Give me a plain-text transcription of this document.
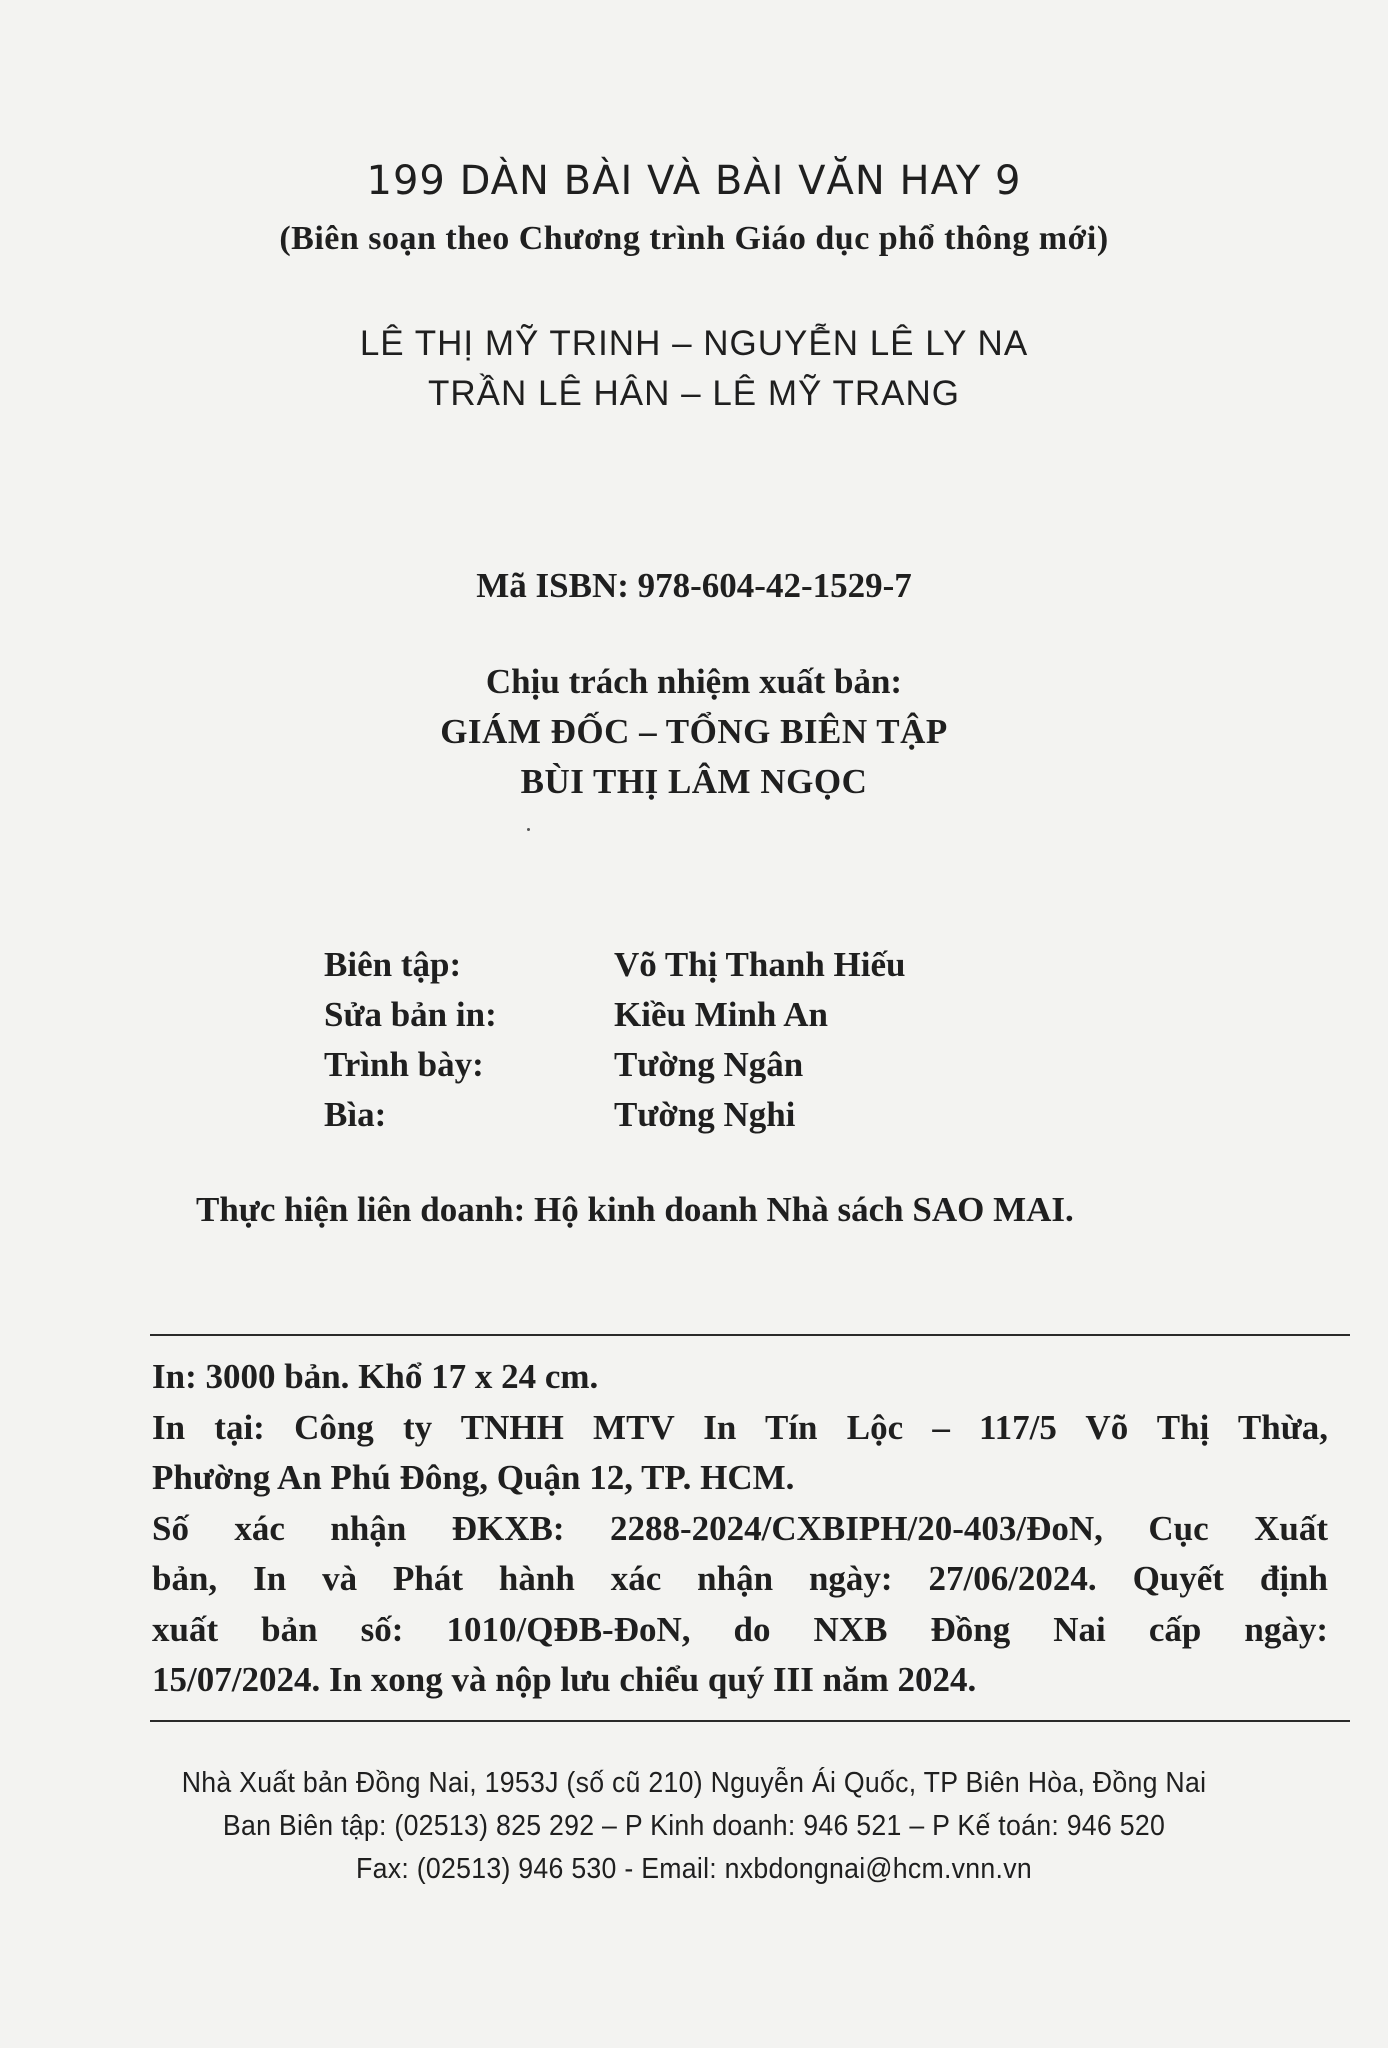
199 DÀN BÀI VÀ BÀI VĂN HAY 9
(Biên soạn theo Chương trình Giáo dục phổ thông mới)
LÊ THỊ MỸ TRINH – NGUYỄN LÊ LY NA
TRẦN LÊ HÂN – LÊ MỸ TRANG
Mã ISBN: 978-604-42-1529-7
Chịu trách nhiệm xuất bản:
GIÁM ĐỐC – TỔNG BIÊN TẬP
BÙI THỊ LÂM NGỌC
Biên tập:	Võ Thị Thanh Hiếu
Sửa bản in:	Kiều Minh An
Trình bày:	Tường Ngân
Bìa:	Tường Nghi
Thực hiện liên doanh: Hộ kinh doanh Nhà sách SAO MAI.
In: 3000 bản. Khổ 17 x 24 cm.
In tại: Công ty TNHH MTV In Tín Lộc – 117/5 Võ Thị Thừa,
Phường An Phú Đông, Quận 12, TP. HCM.
Số xác nhận ĐKXB: 2288-2024/CXBIPH/20-403/ĐoN, Cục Xuất
bản, In và Phát hành xác nhận ngày: 27/06/2024. Quyết định
xuất bản số: 1010/QĐB-ĐoN, do NXB Đồng Nai cấp ngày:
15/07/2024. In xong và nộp lưu chiểu quý III năm 2024.
Nhà Xuất bản Đồng Nai, 1953J (số cũ 210) Nguyễn Ái Quốc, TP Biên Hòa, Đồng Nai
Ban Biên tập: (02513) 825 292 – P Kinh doanh: 946 521 – P Kế toán: 946 520
Fax: (02513) 946 530 - Email: nxbdongnai@hcm.vnn.vn
